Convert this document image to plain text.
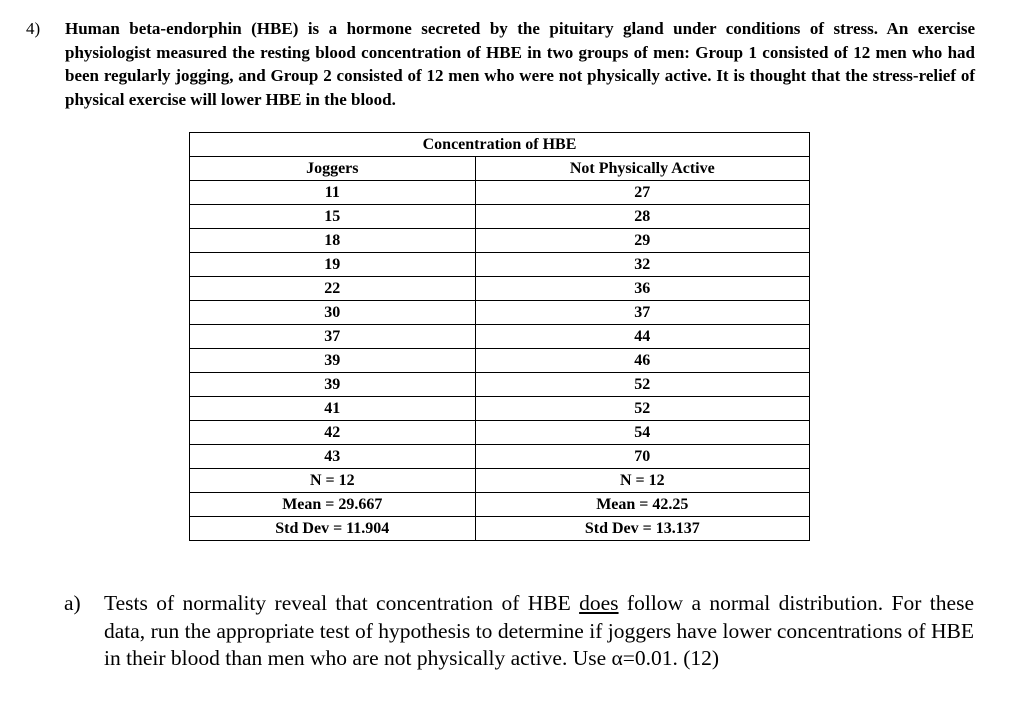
4) Human beta-endorphin (HBE) is a hormone secreted by the pituitary gland under conditions of stress. An exercise physiologist measured the resting blood concentration of HBE in two groups of men: Group 1 consisted of 12 men who had been regularly jogging, and Group 2 consisted of 12 men who were not physically active. It is thought that the stress-relief of physical exercise will lower HBE in the blood.
Concentration of HBE	
Joggers	Not Physically Active
11	27
15	28
18	29
19	32
22	36
30	37
37	44
39	46
39	52
41	52
42	54
43	70
N = 12	N = 12
Mean = 29.667	Mean = 42.25
Std Dev = 11.904	Std Dev = 13.137
a) Tests of normality reveal that concentration of HBE does follow a normal distribution. For these data, run the appropriate test of hypothesis to determine if joggers have lower concentrations of HBE in their blood than men who are not physically active. Use α=0.01. (12)
